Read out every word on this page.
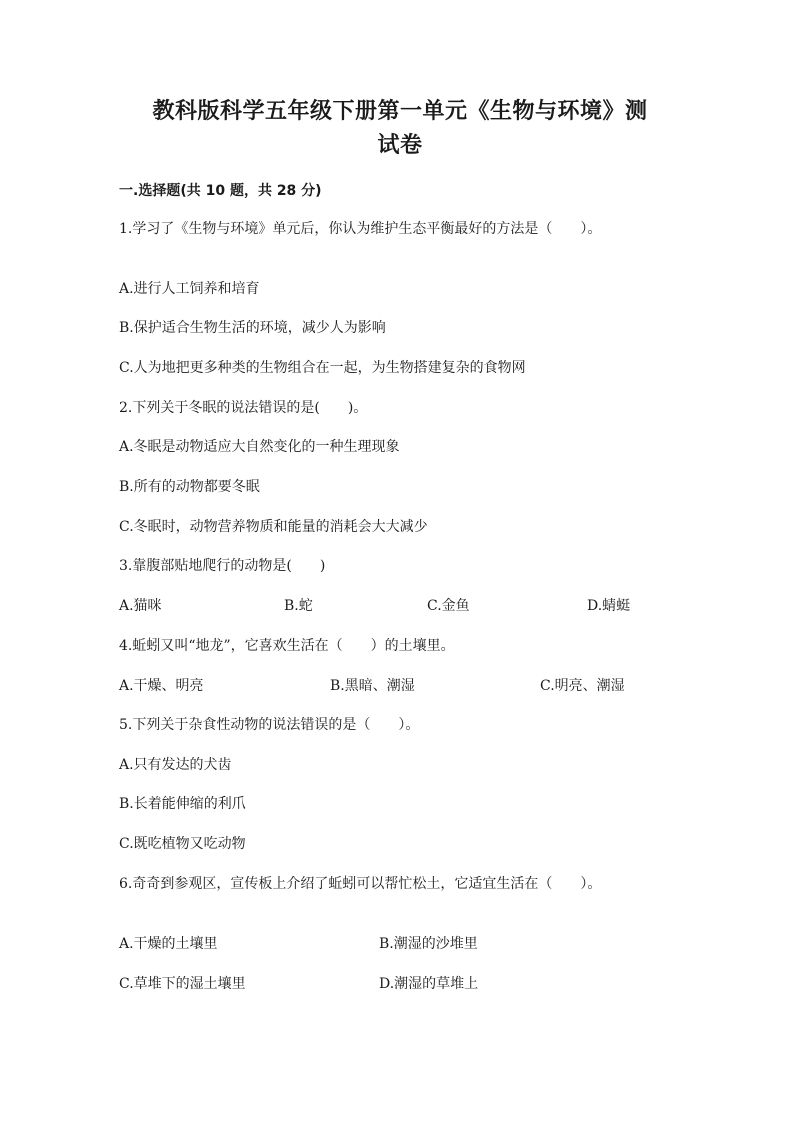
教科版科学五年级下册第一单元《生物与环境》测
试卷
一.选择题(共 10 题，共 28 分)
1.学习了《生物与环境》单元后，你认为维护生态平衡最好的方法是（　　）。
A.进行人工饲养和培育
B.保护适合生物生活的环境，减少人为影响
C.人为地把更多种类的生物组合在一起，为生物搭建复杂的食物网
2.下列关于冬眠的说法错误的是(　　)。
A.冬眠是动物适应大自然变化的一种生理现象
B.所有的动物都要冬眠
C.冬眠时，动物营养物质和能量的消耗会大大减少
3.靠腹部贴地爬行的动物是(　　)
A.猫咪	B.蛇	C.金鱼	D.蜻蜓
4.蚯蚓又叫“地龙”，它喜欢生活在（　　）的土壤里。
A.干燥、明亮	B.黑暗、潮湿	C.明亮、潮湿
5.下列关于杂食性动物的说法错误的是（　　）。
A.只有发达的犬齿
B.长着能伸缩的利爪
C.既吃植物又吃动物
6.奇奇到参观区，宣传板上介绍了蚯蚓可以帮忙松土，它适宜生活在（　　）。
A.干燥的土壤里	B.潮湿的沙堆里
C.草堆下的湿土壤里	D.潮湿的草堆上
